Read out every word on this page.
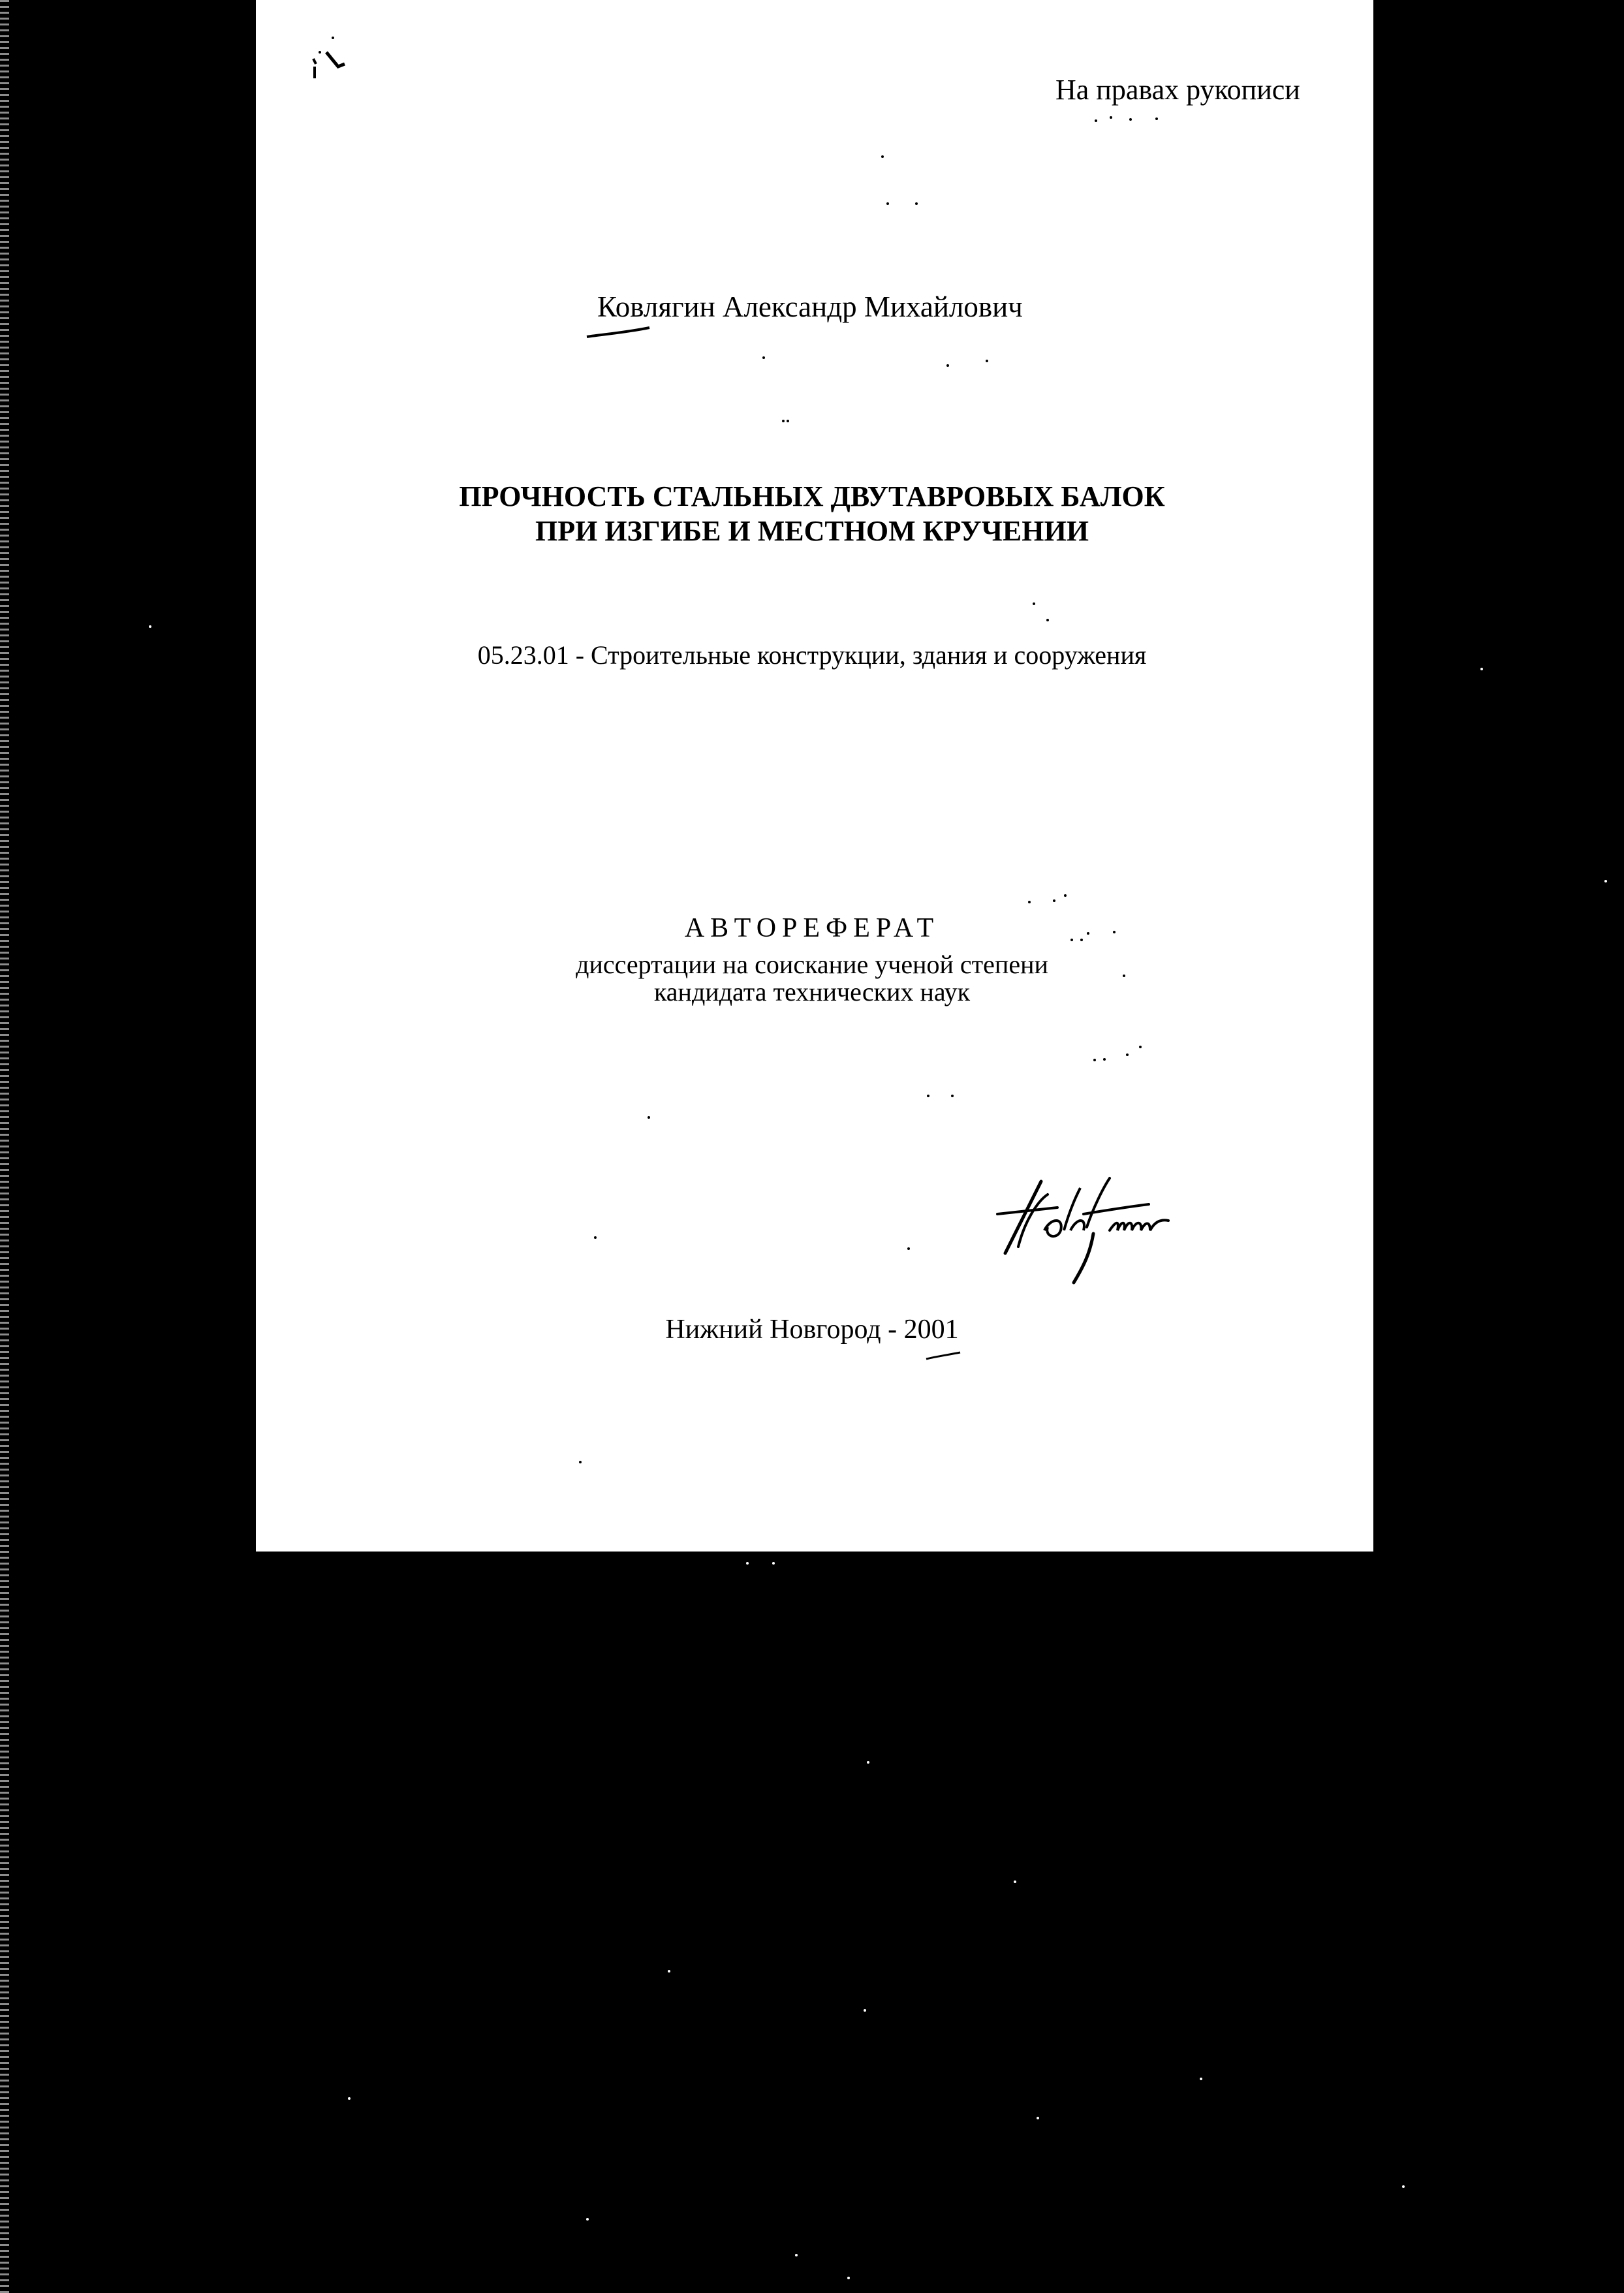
На правах рукописи
Ковлягин Александр Михайлович
ПРОЧНОСТЬ СТАЛЬНЫХ ДВУТАВРОВЫХ БАЛОК
ПРИ ИЗГИБЕ И МЕСТНОМ КРУЧЕНИИ
05.23.01 - Строительные конструкции, здания и сооружения
АВТОРЕФЕРАТ
диссертации на соискание ученой степени
кандидата технических наук
Нижний Новгород - 2001
